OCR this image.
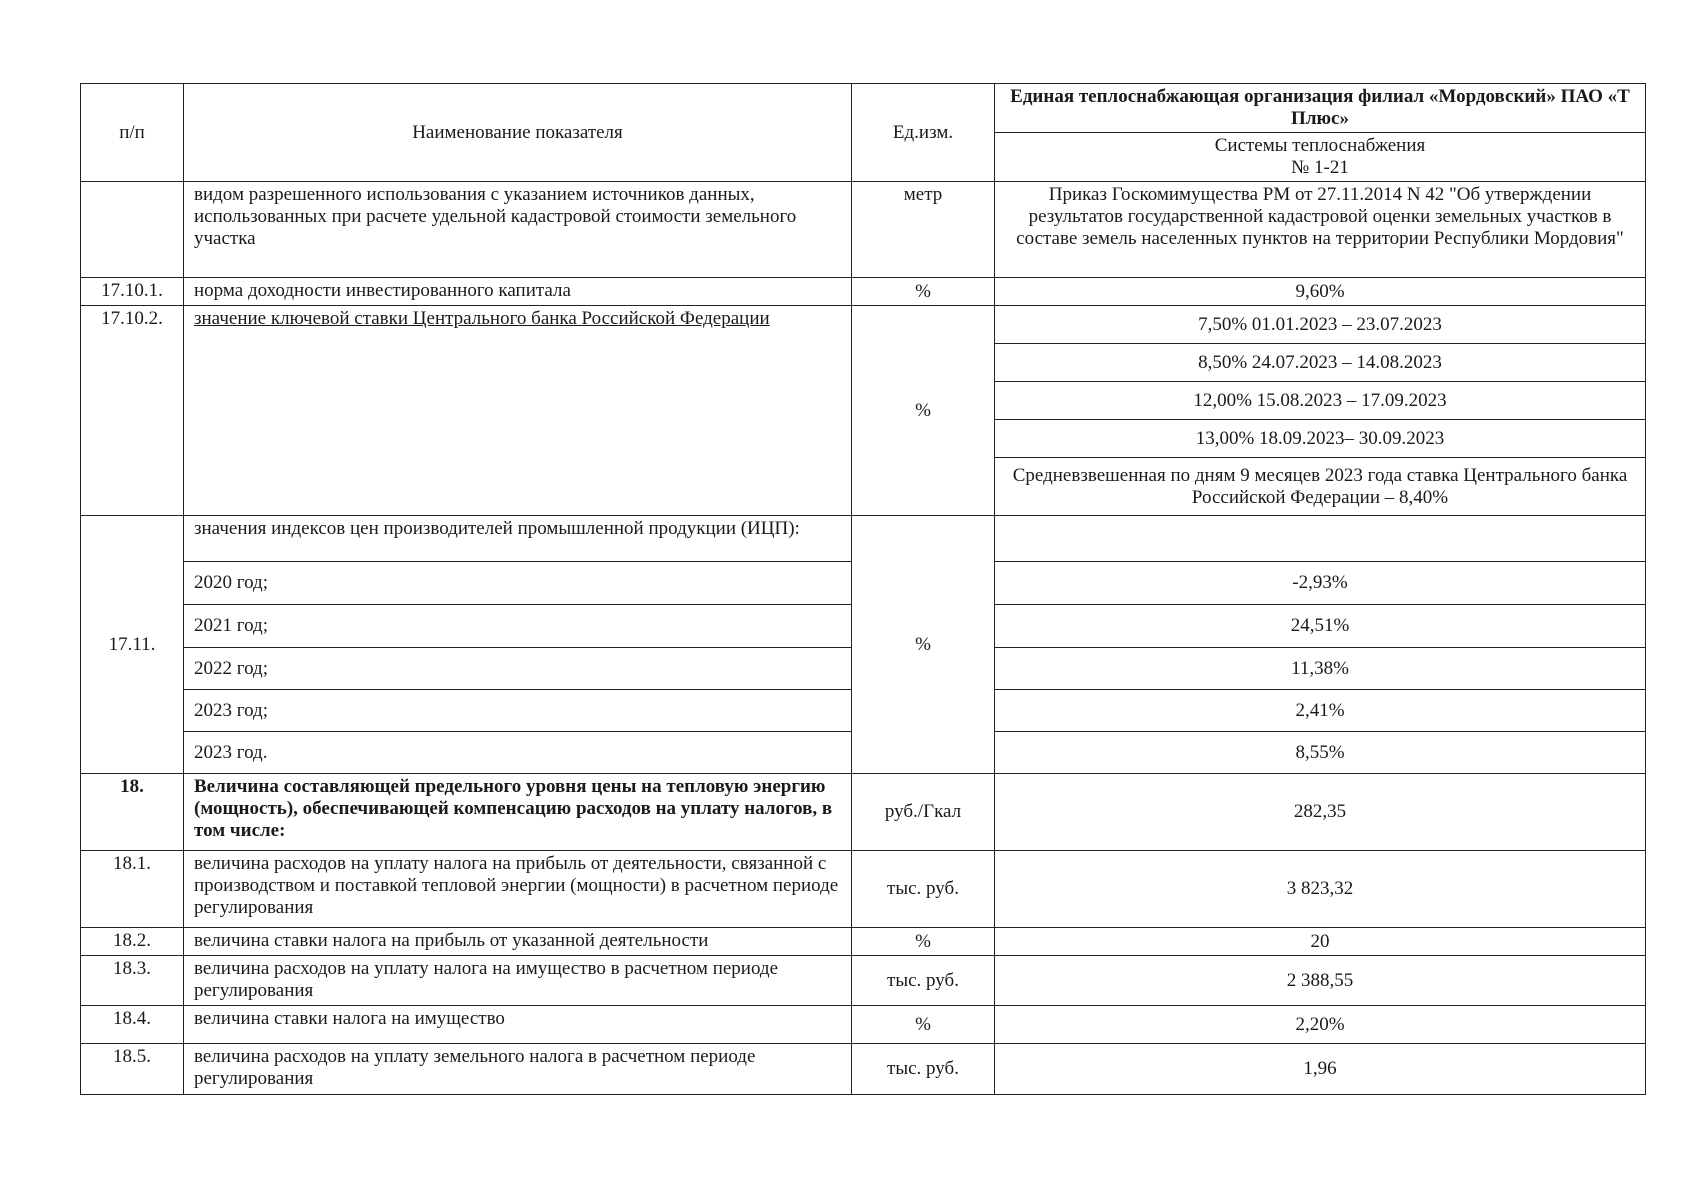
п/п	Наименование показателя	Ед.изм.	Единая теплоснабжающая организация филиал «Мордовский» ПАО «Т Плюс»

			Системы теплоснабжения
№ 1-21

	видом разрешенного использования с указанием источников данных, использованных при расчете удельной кадастровой стоимости земельного участка	метр	Приказ Госкомимущества РМ от 27.11.2014 N 42 "Об утверждении результатов государственной кадастровой оценки земельных участков в составе земель населенных пунктов на территории Республики Мордовия"
17.10.1.	норма доходности инвестированного капитала	%	9,60%
17.10.2.	значение ключевой ставки Центрального банка Российской Федерации	%	7,50% 01.01.2023 – 23.07.2023
			8,50% 24.07.2023 – 14.08.2023
			12,00% 15.08.2023 – 17.09.2023
			13,00% 18.09.2023– 30.09.2023
			Средневзвешенная по дням 9 месяцев 2023 года ставка Центрального банка Российской Федерации – 8,40%
17.11.	значения индексов цен производителей промышленной продукции (ИЦП):	%	
	2020 год;		-2,93%
	2021 год;		24,51%
	2022 год;		11,38%
	2023 год;		2,41%
	2023 год.		8,55%
18.	Величина составляющей предельного уровня цены на тепловую энергию (мощность), обеспечивающей компенсацию расходов на уплату налогов, в том числе:	руб./Гкал	282,35
18.1.	величина расходов на уплату налога на прибыль от деятельности, связанной с производством и поставкой тепловой энергии (мощности) в расчетном периоде регулирования	тыс. руб.	3 823,32
18.2.	величина ставки налога на прибыль от указанной деятельности	%	20
18.3.	величина расходов на уплату налога на имущество в расчетном периоде регулирования	тыс. руб.	2 388,55
18.4.	величина ставки налога на имущество	%	2,20%
18.5.	величина расходов на уплату земельного налога в расчетном периоде регулирования	тыс. руб.	1,96
